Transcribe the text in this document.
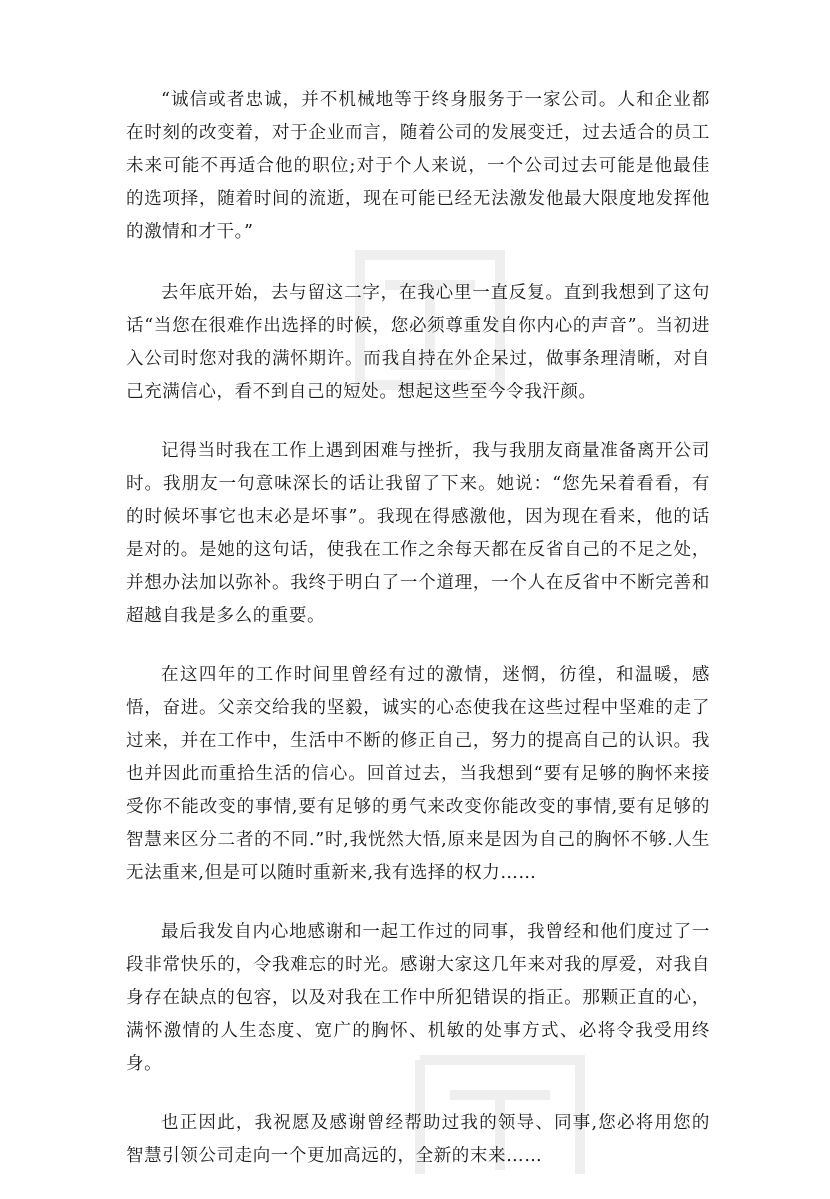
“诚信或者忠诚，并不机械地等于终身服务于一家公司。人和企业都在时刻的改变着，对于企业而言，随着公司的发展变迁，过去适合的员工未来可能不再适合他的职位;对于个人来说，一个公司过去可能是他最佳的选项择，随着时间的流逝，现在可能已经无法激发他最大限度地发挥他的激情和才干。”

去年底开始，去与留这二字，在我心里一直反复。直到我想到了这句话“当您在很难作出选择的时候，您必须尊重发自你内心的声音”。当初进入公司时您对我的满怀期许。而我自持在外企呆过，做事条理清晰，对自己充满信心，看不到自己的短处。想起这些至今令我汗颜。

记得当时我在工作上遇到困难与挫折，我与我朋友商量准备离开公司时。我朋友一句意味深长的话让我留了下来。她说：“您先呆着看看，有的时候坏事它也末必是坏事”。我现在得感激他，因为现在看来，他的话是对的。是她的这句话，使我在工作之余每天都在反省自己的不足之处，并想办法加以弥补。我终于明白了一个道理，一个人在反省中不断完善和超越自我是多么的重要。

在这四年的工作时间里曾经有过的激情，迷惘，彷徨，和温暖，感悟，奋进。父亲交给我的坚毅，诚实的心态使我在这些过程中坚难的走了过来，并在工作中，生活中不断的修正自己，努力的提高自己的认识。我也并因此而重拾生活的信心。回首过去，当我想到“要有足够的胸怀来接受你不能改变的事情,要有足够的勇气来改变你能改变的事情,要有足够的智慧来区分二者的不同.”时,我恍然大悟,原来是因为自己的胸怀不够.人生无法重来,但是可以随时重新来,我有选择的权力……

最后我发自内心地感谢和一起工作过的同事，我曾经和他们度过了一段非常快乐的，令我难忘的时光。感谢大家这几年来对我的厚爱，对我自身存在缺点的包容，以及对我在工作中所犯错误的指正。那颗正直的心，满怀激情的人生态度、宽广的胸怀、机敏的处事方式、必将令我受用终身。

也正因此，我祝愿及感谢曾经帮助过我的领导、同事,您必将用您的智慧引领公司走向一个更加高远的，全新的末来……
